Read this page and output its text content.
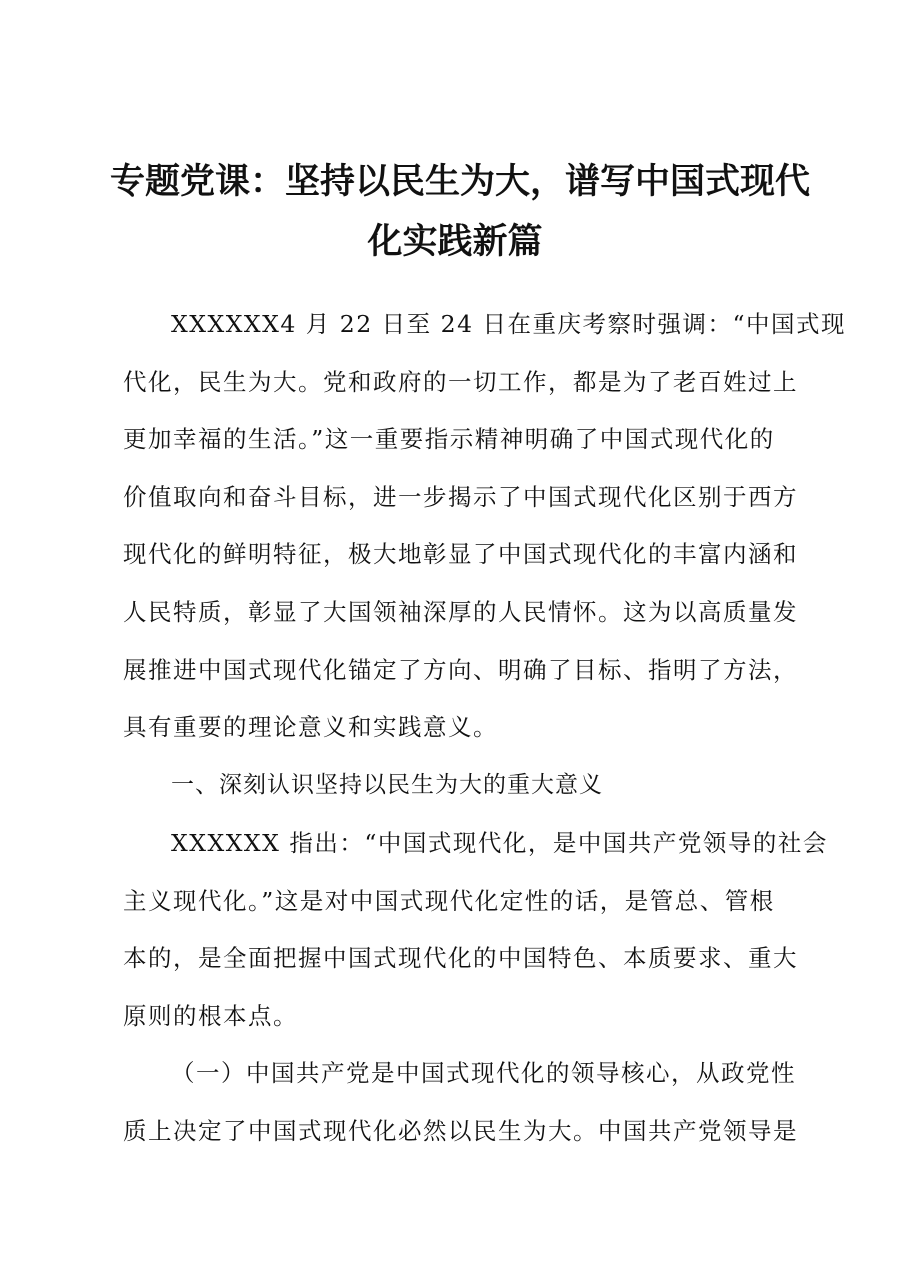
专题党课：坚持以民生为大，谱写中国式现代
化实践新篇
XXXXXX4 月 22 日至 24 日在重庆考察时强调：“中国式现
代化，民生为大。党和政府的一切工作，都是为了老百姓过上
更加幸福的生活。”这一重要指示精神明确了中国式现代化的
价值取向和奋斗目标，进一步揭示了中国式现代化区别于西方
现代化的鲜明特征，极大地彰显了中国式现代化的丰富内涵和
人民特质，彰显了大国领袖深厚的人民情怀。这为以高质量发
展推进中国式现代化锚定了方向、明确了目标、指明了方法，
具有重要的理论意义和实践意义。
一、深刻认识坚持以民生为大的重大意义
XXXXXX 指出：“中国式现代化，是中国共产党领导的社会
主义现代化。”这是对中国式现代化定性的话，是管总、管根
本的，是全面把握中国式现代化的中国特色、本质要求、重大
原则的根本点。
（一）中国共产党是中国式现代化的领导核心，从政党性
质上决定了中国式现代化必然以民生为大。中国共产党领导是
